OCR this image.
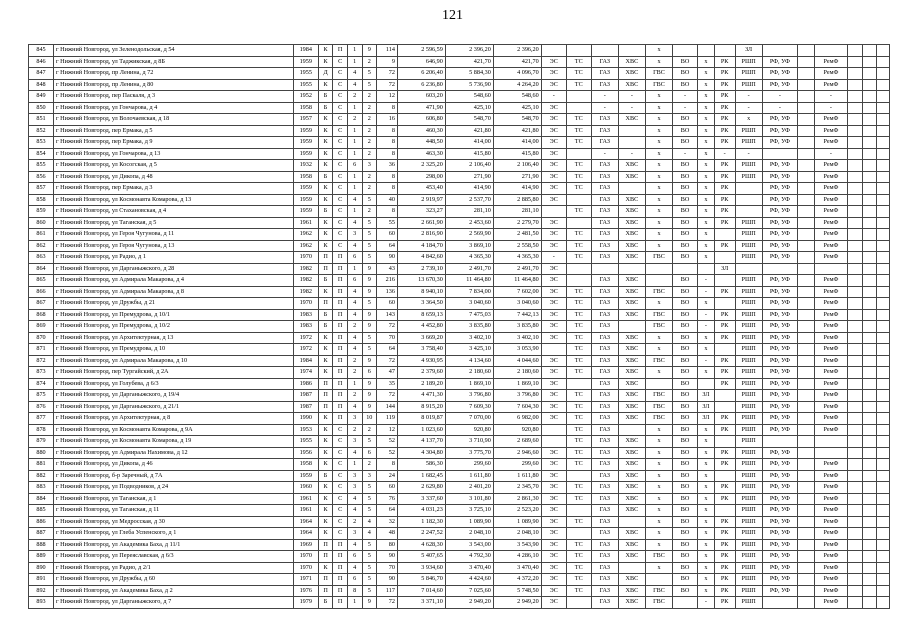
121
845	г Нижний Новгород, ул Зеленодольская, д 54	1984	К	П	1	9	114	2 596,59	2 396,20	2 396,20					x				ЗЛ						
846	г Нижний Новгород, ул Таджикская, д 8Б	1959	К	С	1	2	9	646,90	421,70	421,70	ЭС	ТС	ГАЗ	ХВС	x	ВО	x	РК	РШП	РФ, УФ		РемФ			
847	г Нижний Новгород, пр Ленина, д 72	1955	Д	С	4	5	72	6 206,40	5 884,30	4 096,70	ЭС	ТС	ГАЗ	ХВС	ГВС	ВО	x	РК	РШП	РФ, УФ		РемФ			
848	г Нижний Новгород, пр Ленина, д 80	1955	К	С	4	5	72	6 236,80	5 736,90	4 264,20	ЭС	ТС	ГАЗ	ХВС	ГВС	ВО	x	РК	РШП	РФ, УФ		РемФ			
849	г Нижний Новгород, пер Паскаля, д 3	1952	Б	С	2	2	12	603,20	548,60	548,60	-		-	-	x	-	x	РК	-	-		-			
850	г Нижний Новгород, ул Гончарова, д 4	1958	Б	С	1	2	8	471,90	425,10	425,10	ЭС		-	-	x	-	x	РК	-	-		-			
851	г Нижний Новгород, ул Волочаевская, д 18	1957	К	С	2	2	16	606,80	548,70	548,70	ЭС	ТС	ГАЗ	ХВС	x	ВО	x	РК	x	РФ, УФ		РемФ			
852	г Нижний Новгород, пер Ермака, д 5	1959	К	С	1	2	8	460,30	421,80	421,80	ЭС	ТС	ГАЗ		x	ВО	x	РК	РШП	РФ, УФ		РемФ			
853	г Нижний Новгород, пер Ермака, д 9	1959	К	С	1	2	8	448,50	414,00	414,00	ЭС	ТС	ГАЗ		x	ВО	x	РК	РШП	РФ, УФ		РемФ			
854	г Нижний Новгород, ул Гончарова, д 13	1959	К	С	1	2	8	463,30	415,80	415,80	ЭС		-	-	x	-	x	-	-			-			
855	г Нижний Новгород, ул Косогская, д 5	1932	К	С	6	3	36	2 325,20	2 106,40	2 106,40	ЭС	ТС	ГАЗ	ХВС	x	ВО	x	РК	РШП	РФ, УФ		РемФ			
856	г Нижний Новгород, ул Дикопа, д 48	1958	Б	С	1	2	8	298,00	271,90	271,90	ЭС	ТС	ГАЗ	ХВС	x	ВО	x	РК	РШП	РФ, УФ		РемФ			
857	г Нижний Новгород, пер Ермака, д 3	1959	К	С	1	2	8	453,40	414,90	414,90	ЭС	ТС	ГАЗ		x	ВО	x	РК		РФ, УФ		РемФ			
858	г Нижний Новгород, ул Космонавта Комарова, д 13	1959	К	С	4	5	40	2 919,97	2 537,70	2 885,80	ЭС		ГАЗ	ХВС	x	ВО	x	РК		РФ, УФ		РемФ			
859	г Нижний Новгород, ул Стахановская, д 4	1959	Б	С	1	2	8	323,27	281,10	281,10		ТС	ГАЗ	ХВС	x	ВО	x	РК		РФ, УФ		РемФ			
860	г Нижний Новгород, ул Таганская, д 5	1961	К	С	4	5	55	2 661,90	2 453,60	2 279,70	ЭС		ГАЗ	ХВС	x	ВО	x	РК	РШП	РФ, УФ		РемФ			
861	г Нижний Новгород, ул Героя Чугунова, д 11	1962	К	С	3	5	60	2 816,90	2 569,90	2 481,50	ЭС	ТС	ГАЗ	ХВС	x	ВО	x		РШП	РФ, УФ		РемФ			
862	г Нижний Новгород, ул Героя Чугунова, д 13	1962	К	С	4	5	64	4 184,70	3 869,10	2 558,50	ЭС	ТС	ГАЗ	ХВС	x	ВО	x	РК	РШП	РФ, УФ		РемФ			
863	г Нижний Новгород, ул Радио, д 1	1970	П	П	6	5	90	4 842,60	4 365,30	4 365,30	-	ТС	ГАЗ	ХВС	ГВС	ВО	x		РШП	РФ, УФ		РемФ			
864	г Нижний Новгород, ул Дарганыжского, д 28	1982	П	П	1	9	43	2 739,10	2 491,70	2 491,70	ЭС							ЗЛ							
865	г Нижний Новгород, ул Адмирала Макарова, д 4	1982	Б	П	6	9	216	13 670,30	11 464,80	11 464,80	ЭС		ГАЗ	ХВС		ВО	-		РШП	РФ, УФ		РемФ			
866	г Нижний Новгород, ул Адмирала Макарова, д 8	1982	К	П	4	9	136	8 940,10	7 834,00	7 602,00	ЭС	ТС	ГАЗ	ХВС	ГВС	ВО	-	РК	РШП	РФ, УФ		РемФ			
867	г Нижний Новгород, ул Дружбы, д 21	1970	П	П	4	5	60	3 364,50	3 040,60	3 040,60	ЭС	ТС	ГАЗ	ХВС	x	ВО	x		РШП	РФ, УФ		РемФ			
868	г Нижний Новгород, ул Премудрова, д 10/1	1983	Б	П	4	9	143	8 659,13	7 475,03	7 442,13	ЭС	ТС	ГАЗ	ХВС	ГВС	ВО	-	РК	РШП	РФ, УФ		РемФ			
869	г Нижний Новгород, ул Премудрова, д 10/2	1983	Б	П	2	9	72	4 452,80	3 835,80	3 835,80	ЭС	ТС	ГАЗ		ГВС	ВО	-	РК	РШП	РФ, УФ		РемФ			
870	г Нижний Новгород, ул Архитектурная, д 13	1972	К	П	4	5	70	3 669,20	3 402,10	3 402,10	ЭС	ТС	ГАЗ	ХВС	x	ВО	x	РК	РШП	РФ, УФ		РемФ			
871	г Нижний Новгород, ул Премудрова, д 10	1972	К	П	4	5	64	3 758,40	3 425,10	3 053,90		ТС	ГАЗ	ХВС	x	ВО	x		РШП	РФ, УФ		РемФ			
872	г Нижний Новгород, ул Адмирала Макарова, д 10	1984	К	П	2	9	72	4 930,95	4 134,60	4 044,60	ЭС	ТС	ГАЗ	ХВС	ГВС	ВО	-	РК	РШП	РФ, УФ		РемФ			
873	г Нижний Новгород, пер Тургайский, д 2А	1974	К	П	2	6	47	2 379,60	2 180,60	2 180,60	ЭС	ТС	ГАЗ	ХВС	x	ВО	x	РК	РШП	РФ, УФ		РемФ			
874	г Нижний Новгород, ул Голубева, д 6/3	1986	П	П	1	9	35	2 189,20	1 869,10	1 869,10	ЭС		ГАЗ	ХВС		ВО		РК	РШП	РФ, УФ		РемФ			
875	г Нижний Новгород, ул Дарганыжского, д 19/4	1987	П	П	2	9	72	4 471,30	3 796,80	3 796,80	ЭС	ТС	ГАЗ	ХВС	ГВС	ВО	ЗЛ		РШП	РФ, УФ		РемФ			
876	г Нижний Новгород, ул Дарганыжского, д 21/1	1987	П	П	4	9	144	8 915,20	7 609,30	7 604,30	ЭС	ТС	ГАЗ	ХВС	ГВС	ВО	ЗЛ		РШП	РФ, УФ		РемФ			
877	г Нижний Новгород, ул Архитектурная, д 8	1990	К	П	3	10	119	8 019,87	7 070,00	6 982,00	ЭС	ТС	ГАЗ	ХВС	ГВС	ВО	ЗЛ	РК	РШП	РФ, УФ		РемФ			
878	г Нижний Новгород, ул Космонавта Комарова, д 9А	1953	К	С	2	2	12	1 023,60	920,80	920,80		ТС	ГАЗ		x	ВО	x	РК	РШП	РФ, УФ		РемФ			
879	г Нижний Новгород, ул Космонавта Комарова, д 19	1955	К	С	3	5	52	4 137,70	3 710,90	2 689,60		ТС	ГАЗ	ХВС	x	ВО	x		РШП						
880	г Нижний Новгород, ул Адмирала Нахимова, д 12	1956	К	С	4	6	52	4 304,80	3 775,70	2 946,60	ЭС	ТС	ГАЗ	ХВС	x	ВО	x	РК	РШП	РФ, УФ					
881	г Нижний Новгород, ул Дикопа, д 46	1958	К	С	1	2	8	586,30	299,60	299,60	ЭС	ТС	ГАЗ	ХВС	x	ВО	x	РК	РШП	РФ, УФ		РемФ			
882	г Нижний Новгород, б-р Заречный, д 7А	1959	Б	С	3	3	24	1 682,45	1 611,80	1 611,80	ЭС		ГАЗ	ХВС	x	ВО	x		РШП	РФ, УФ		РемФ			
883	г Нижний Новгород, ул Подводников, д 24	1960	К	С	3	5	60	2 629,80	2 401,20	2 345,70	ЭС	ТС	ГАЗ	ХВС	x	ВО	x	РК	РШП	РФ, УФ		РемФ			
884	г Нижний Новгород, ул Таганская, д 1	1961	К	С	4	5	76	3 337,60	3 101,80	2 861,30	ЭС	ТС	ГАЗ	ХВС	x	ВО	x	РК	РШП	РФ, УФ		РемФ			
885	г Нижний Новгород, ул Таганская, д 11	1961	К	С	4	5	64	4 031,23	3 725,10	2 523,20	ЭС		ГАЗ	ХВС	x	ВО	x		РШП	РФ, УФ		РемФ			
886	г Нижний Новгород, ул Медросская, д 30	1964	К	С	2	4	32	1 182,30	1 089,90	1 089,90	ЭС	ТС	ГАЗ		x	ВО	x	РК	РШП	РФ, УФ		РемФ			
887	г Нижний Новгород, ул Глеба Успенского, д 1	1964	К	С	3	4	48	2 247,52	2 048,10	2 048,10	ЭС		ГАЗ	ХВС	x	ВО	x	РК	РШП	РФ, УФ		РемФ			
888	г Нижний Новгород, ул Академика Баха, д 11/1	1969	П	П	4	5	80	4 628,30	3 543,00	3 543,90	ЭС	ТС	ГАЗ	ХВС	x	ВО	x	РК	РШП	РФ, УФ		РемФ			
889	г Нижний Новгород, ул Переяславская, д 6/3	1970	П	П	6	5	90	5 407,65	4 792,30	4 286,10	ЭС	ТС	ГАЗ	ХВС	ГВС	ВО	x	РК	РШП	РФ, УФ		РемФ			
890	г Нижний Новгород, ул Радио, д 2/1	1970	К	П	4	5	70	3 934,60	3 470,40	3 470,40	ЭС	ТС	ГАЗ		x	ВО	x	РК	РШП	РФ, УФ		РемФ			
891	г Нижний Новгород, ул Дружбы, д 60	1971	П	П	6	5	90	5 846,70	4 424,60	4 372,20	ЭС	ТС	ГАЗ	ХВС		ВО	x	РК	РШП	РФ, УФ		РемФ			
892	г Нижний Новгород, ул Академика Баха, д 2	1976	П	П	8	5	117	7 014,60	7 025,60	5 748,50	ЭС	ТС	ГАЗ	ХВС	ГВС	ВО	x	РК	РШП	РФ, УФ		РемФ			
893	г Нижний Новгород, ул Дарганыжского, д 7	1979	Б	П	1	9	72	3 371,10	2 949,20	2 949,20	ЭС		ГАЗ	ХВС	ГВС		-	РК	РШП			РемФ			
